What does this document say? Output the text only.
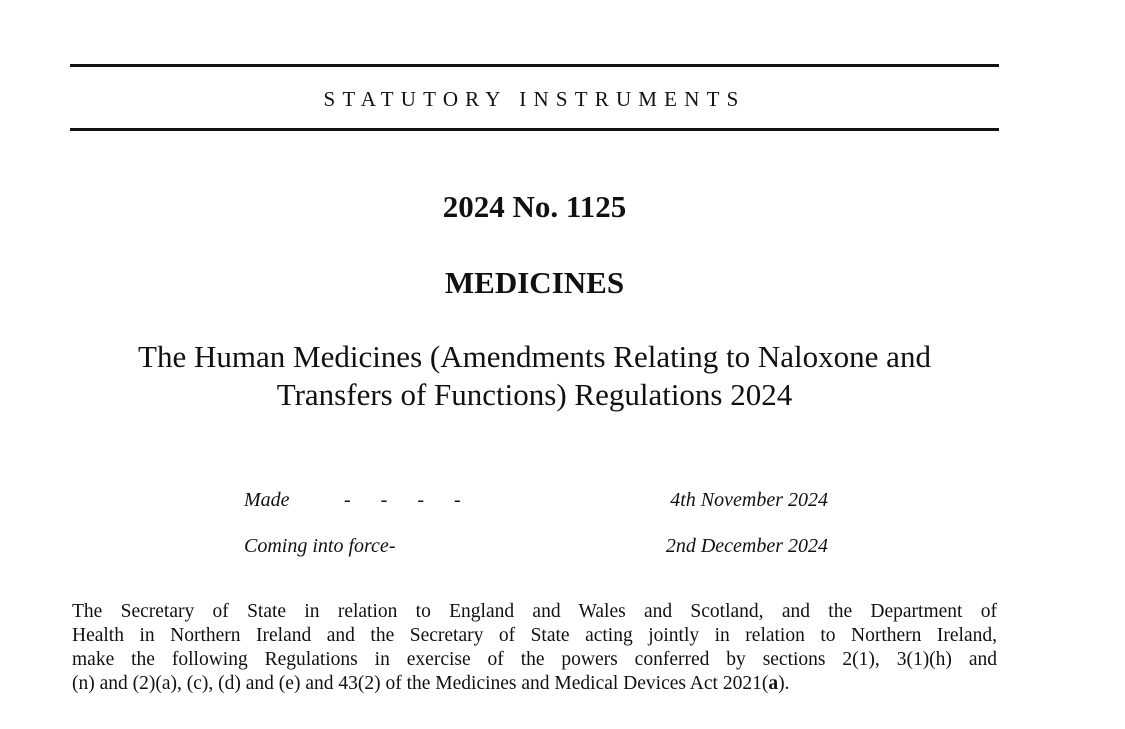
STATUTORY INSTRUMENTS
2024 No. 1125
MEDICINES
The Human Medicines (Amendments Relating to Naloxone and
Transfers of Functions) Regulations 2024
Made	-      -      -      -	4th November 2024
Coming into force-	2nd December 2024
The Secretary of State in relation to England and Wales and Scotland, and the Department of
Health in Northern Ireland and the Secretary of State acting jointly in relation to Northern Ireland,
make the following Regulations in exercise of the powers conferred by sections 2(1), 3(1)(h) and
(n) and (2)(a), (c), (d) and (e) and 43(2) of the Medicines and Medical Devices Act 2021(a).
